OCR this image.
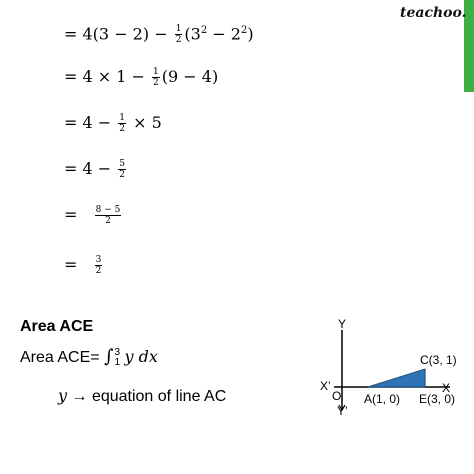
teachoo.
= $4(3 - 2) - \frac{1}{2} (3^2 - 2^2)$
= $4 \times 1 - \frac{1}{2} (9 - 4)$
= $4 - \frac{1}{2} \times 5$
= $4 - \frac{5}{2}$
= $\frac{8 - 5}{2}$
= $\frac{3}{2}$
Area ACE
Area ACE= ∫ 3
1 y dx
y → equation of line AC
Y
Y’
X
X’
O A(1, 0)
C(3, 1)
E(3, 0)
